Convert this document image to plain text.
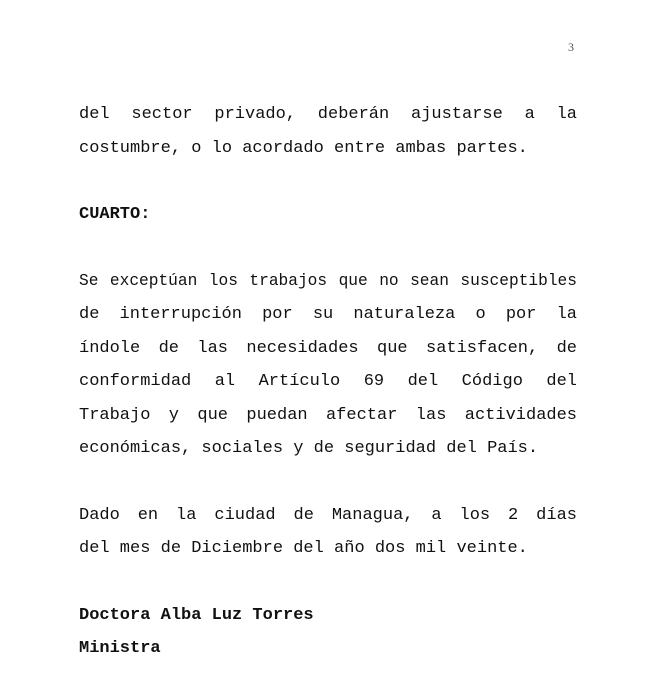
3
del sector privado, deberán ajustarse a la
costumbre, o lo acordado entre ambas partes.
CUARTO:
Se exceptúan los trabajos que no sean susceptibles
de interrupción por su naturaleza o por la
índole de las necesidades que satisfacen, de
conformidad al Artículo 69 del Código del
Trabajo y que puedan afectar las actividades
económicas, sociales y de seguridad del País.
Dado en la ciudad de Managua, a los 2 días
del mes de Diciembre del año dos mil veinte.
Doctora Alba Luz Torres
Ministra
